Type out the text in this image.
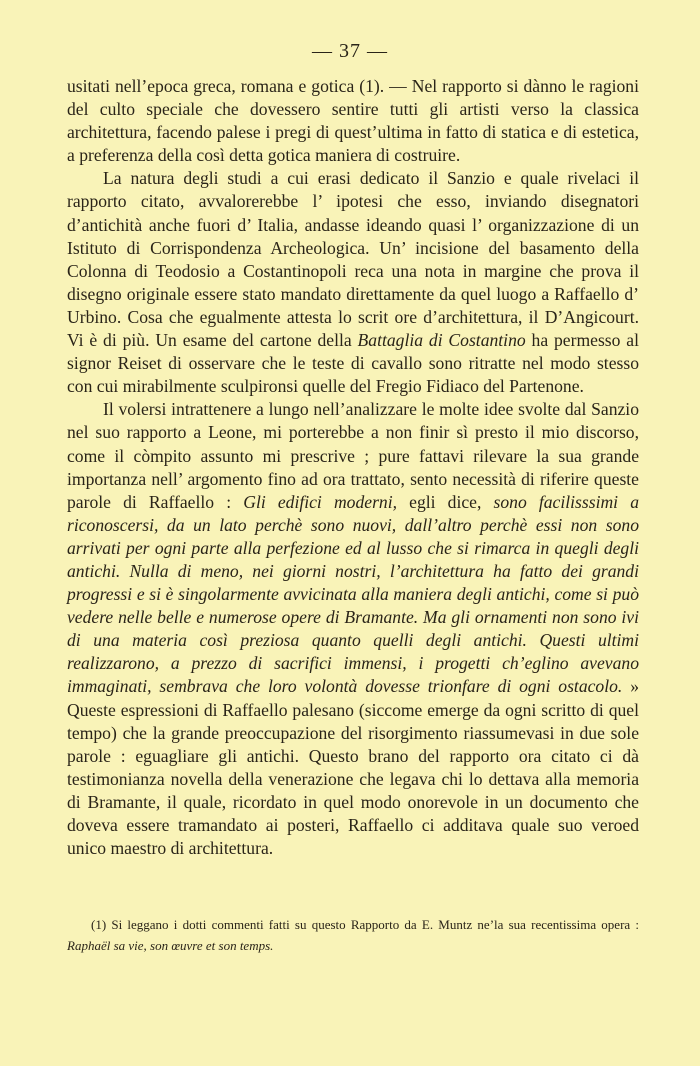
— 37 —

usitati nell’epoca greca, romana e gotica (1). — Nel rapporto si dànno le ragioni del culto speciale che dovessero sentire tutti gli artisti verso la classica architettura, facendo palese i pregi di quest’ultima in fatto di statica e di estetica, a preferenza della così detta gotica maniera di costruire.

La natura degli studi a cui erasi dedicato il Sanzio e quale rivelaci il rapporto citato, avvalorerebbe l’ ipotesi che esso, inviando disegnatori d’antichità anche fuori d’ Italia, andasse ideando quasi l’ organizzazione di un Istituto di Corrispondenza Archeologica. Un’ incisione del basamento della Colonna di Teodosio a Costantinopoli reca una nota in margine che prova il disegno originale essere stato mandato direttamente da quel luogo a Raffaello d’ Urbino. Cosa che egualmente attesta lo scrit ore d’architettura, il D’Angicourt. Vi è di più. Un esame del cartone della Battaglia di Costantino ha permesso al signor Reiset di osservare che le teste di cavallo sono ritratte nel modo stesso con cui mirabilmente sculpironsi quelle del Fregio Fidiaco del Partenone.

Il volersi intrattenere a lungo nell’analizzare le molte idee svolte dal Sanzio nel suo rapporto a Leone, mi porterebbe a non finir sì presto il mio discorso, come il còmpito assunto mi prescrive ; pure fattavi rilevare la sua grande importanza nell’ argomento fino ad ora trattato, sento necessità di riferire queste parole di Raffaello : Gli edifici moderni, egli dice, sono facilisssimi a riconoscersi, da un lato perchè sono nuovi, dall’altro perchè essi non sono arrivati per ogni parte alla perfezione ed al lusso che si rimarca in quegli degli antichi. Nulla di meno, nei giorni nostri, l’architettura ha fatto dei grandi progressi e si è singolarmente avvicinata alla maniera degli antichi, come si può vedere nelle belle e numerose opere di Bramante. Ma gli ornamenti non sono ivi di una materia così preziosa quanto quelli degli antichi. Questi ultimi realizzarono, a prezzo di sacrifici immensi, i progetti ch’eglino avevano immaginati, sembrava che loro volontà dovesse trionfare di ogni ostacolo. » Queste espressioni di Raffaello palesano (siccome emerge da ogni scritto di quel tempo) che la grande preoccupazione del risorgimento riassumevasi in due sole parole : eguagliare gli antichi. Questo brano del rapporto ora citato ci dà testimonianza novella della venerazione che legava chi lo dettava alla memoria di Bramante, il quale, ricordato in quel modo onorevole in un documento che doveva essere tramandato ai posteri, Raffaello ci additava quale suo veroed unico maestro di architettura.

(1) Si leggano i dotti commenti fatti su questo Rapporto da E. Muntz ne’la sua recentissima opera : Raphaël sa vie, son œuvre et son temps.
